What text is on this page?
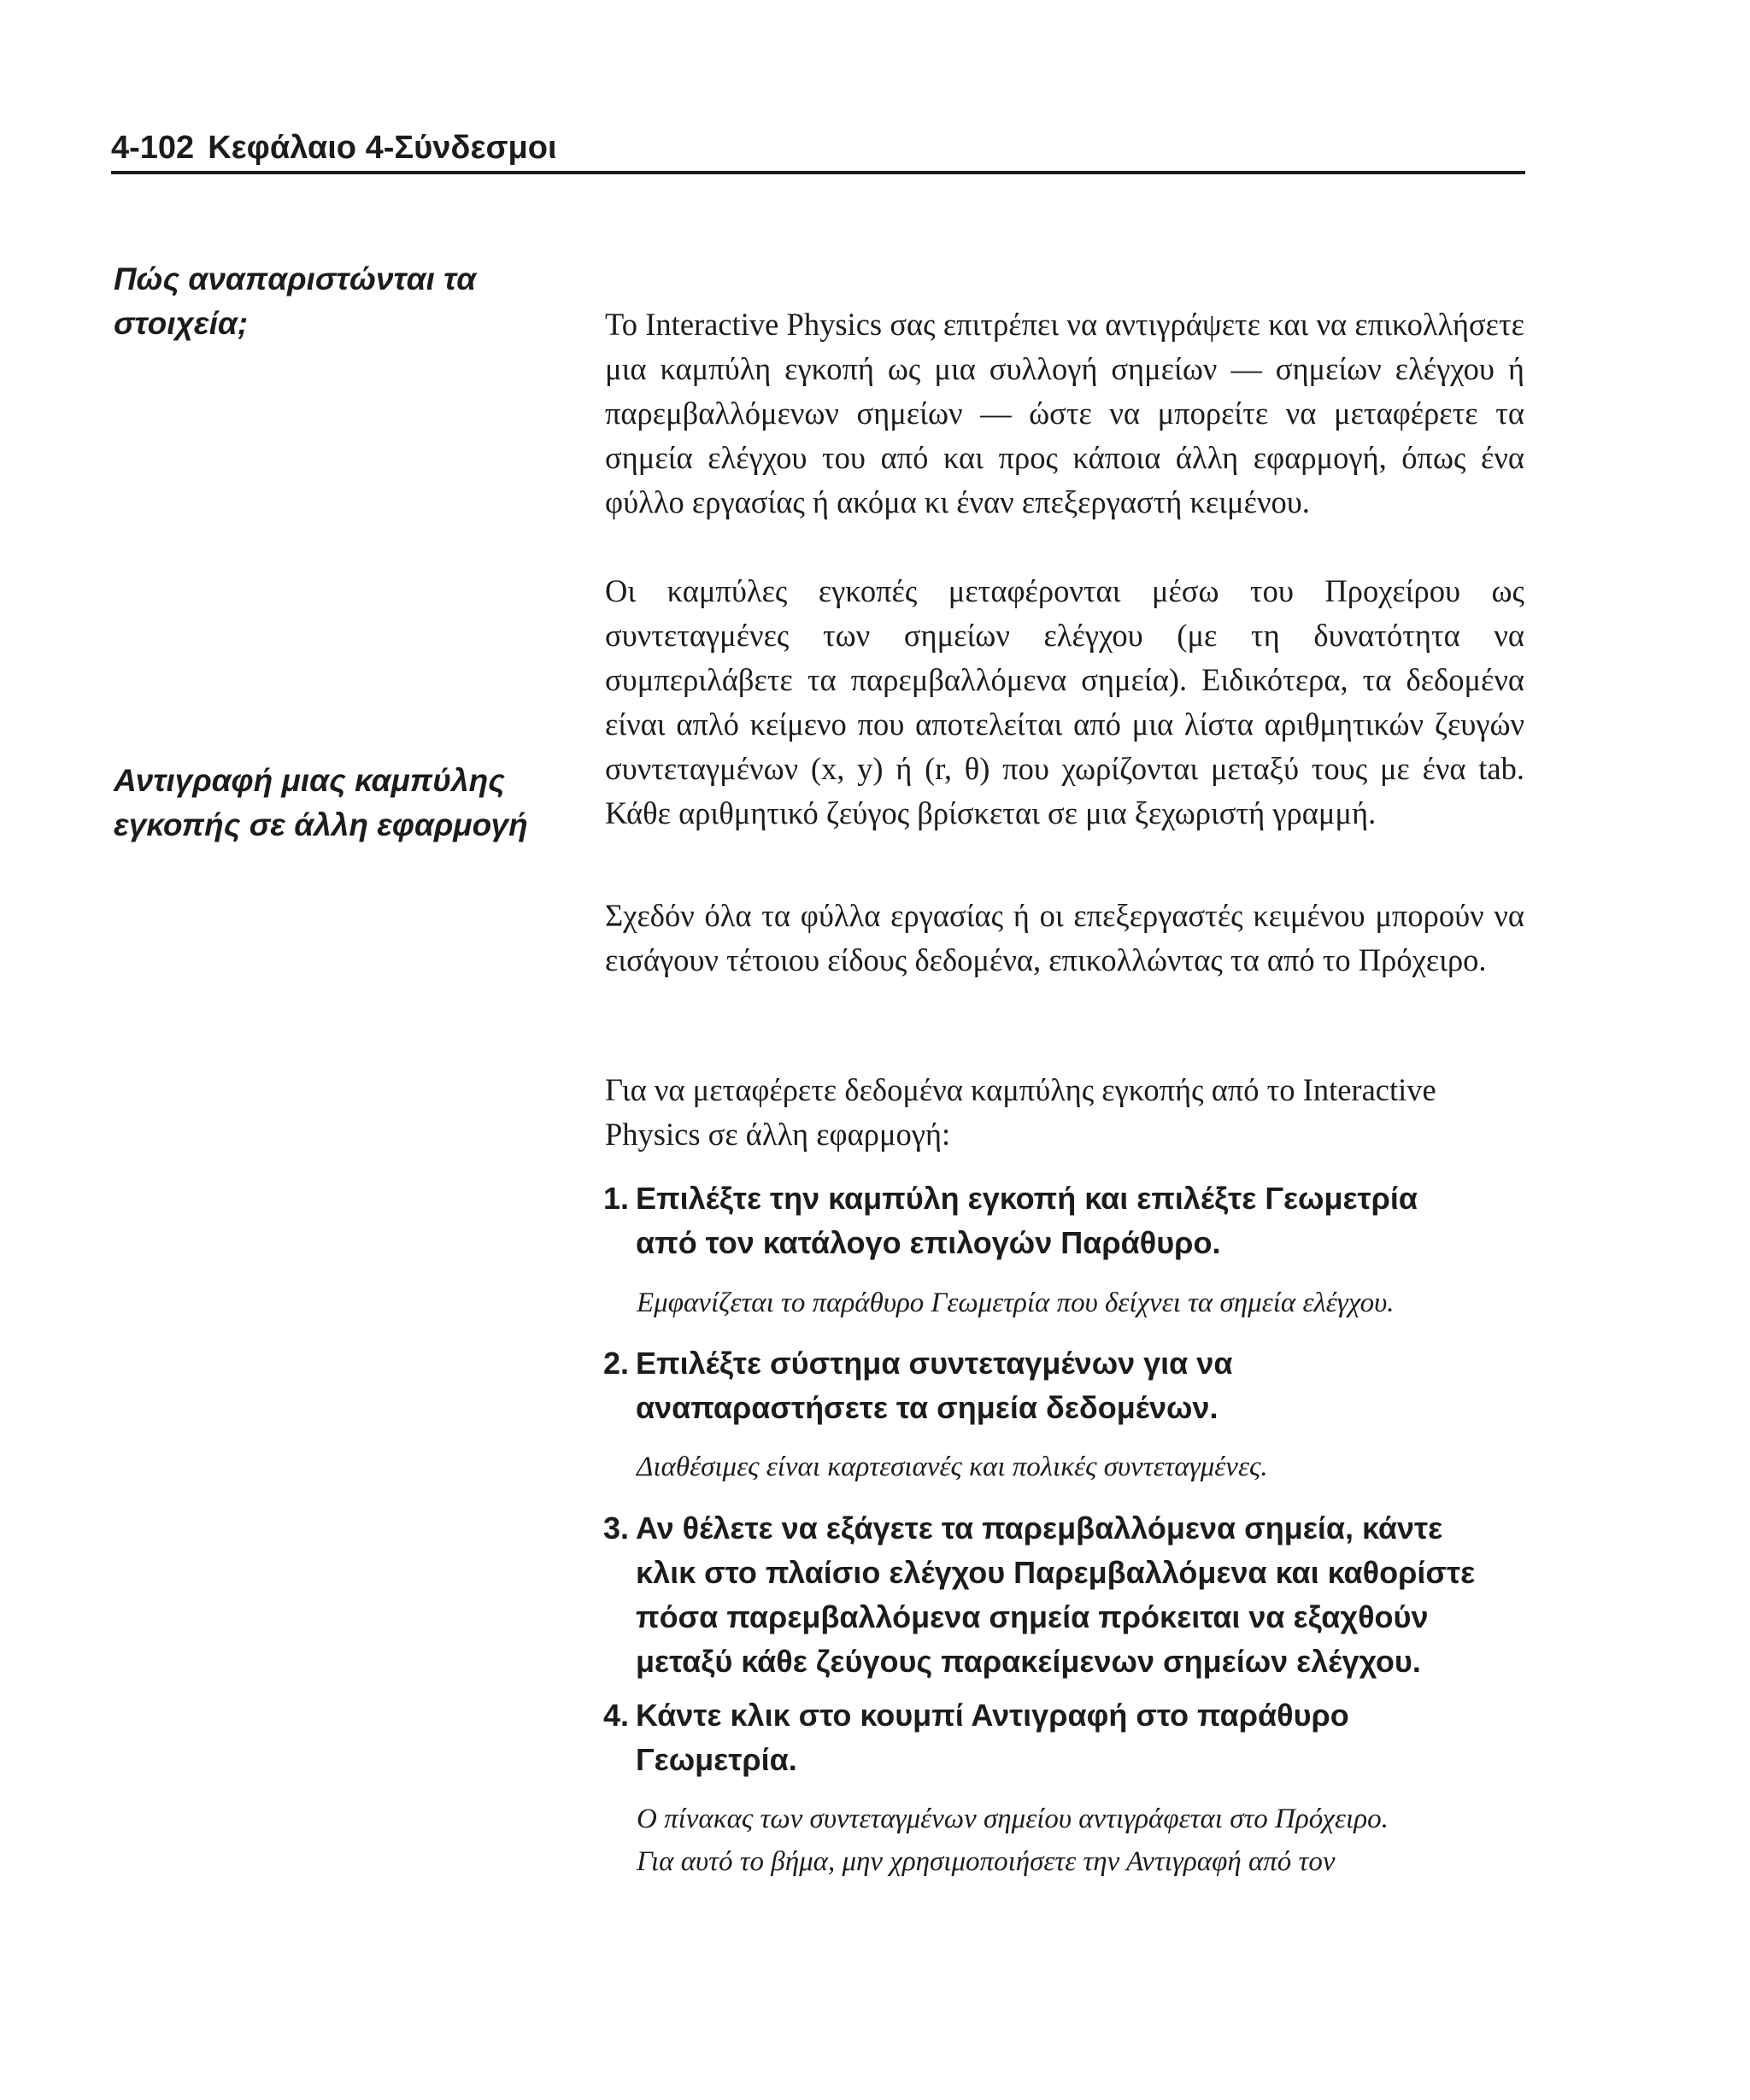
4-102 Κεφάλαιο 4-Σύνδεσμοι
Πώς αναπαριστώνται τα
στοιχεία;
Αντιγραφή μιας καμπύλης
εγκοπής σε άλλη εφαρμογή
Το Interactive Physics σας επιτρέπει να αντιγράψετε και να επικολλήσετε μια καμπύλη εγκοπή ως μια συλλογή σημείων — σημείων ελέγχου ή παρεμβαλλόμενων σημείων — ώστε να μπορείτε να μεταφέρετε τα σημεία ελέγχου του από και προς κάποια άλλη εφαρμογή, όπως ένα φύλλο εργασίας ή ακόμα κι έναν επεξεργαστή κειμένου.
Οι καμπύλες εγκοπές μεταφέρονται μέσω του Προχείρου ως συντεταγμένες των σημείων ελέγχου (με τη δυνατότητα να συμπεριλάβετε τα παρεμβαλλόμενα σημεία). Ειδικότερα, τα δεδομένα είναι απλό κείμενο που αποτελείται από μια λίστα αριθμητικών ζευγών συντεταγμένων (x, y) ή (r, θ) που χωρίζονται μεταξύ τους με ένα tab. Κάθε αριθμητικό ζεύγος βρίσκεται σε μια ξεχωριστή γραμμή.
Σχεδόν όλα τα φύλλα εργασίας ή οι επεξεργαστές κειμένου μπορούν να εισάγουν τέτοιου είδους δεδομένα, επικολλώντας τα από το Πρόχειρο.
Για να μεταφέρετε δεδομένα καμπύλης εγκοπής από το Interactive Physics σε άλλη εφαρμογή:
1. Επιλέξτε την καμπύλη εγκοπή και επιλέξτε Γεωμετρία
από τον κατάλογο επιλογών Παράθυρο.
Εμφανίζεται το παράθυρο Γεωμετρία που δείχνει τα σημεία ελέγχου.
2. Επιλέξτε σύστημα συντεταγμένων για να
αναπαραστήσετε τα σημεία δεδομένων.
Διαθέσιμες είναι καρτεσιανές και πολικές συντεταγμένες.
3. Αν θέλετε να εξάγετε τα παρεμβαλλόμενα σημεία, κάντε
κλικ στο πλαίσιο ελέγχου Παρεμβαλλόμενα και καθορίστε
πόσα παρεμβαλλόμενα σημεία πρόκειται να εξαχθούν
μεταξύ κάθε ζεύγους παρακείμενων σημείων ελέγχου.
4. Κάντε κλικ στο κουμπί Αντιγραφή στο παράθυρο
Γεωμετρία.
Ο πίνακας των συντεταγμένων σημείου αντιγράφεται στο Πρόχειρο.
Για αυτό το βήμα, μην χρησιμοποιήσετε την Αντιγραφή από τον
